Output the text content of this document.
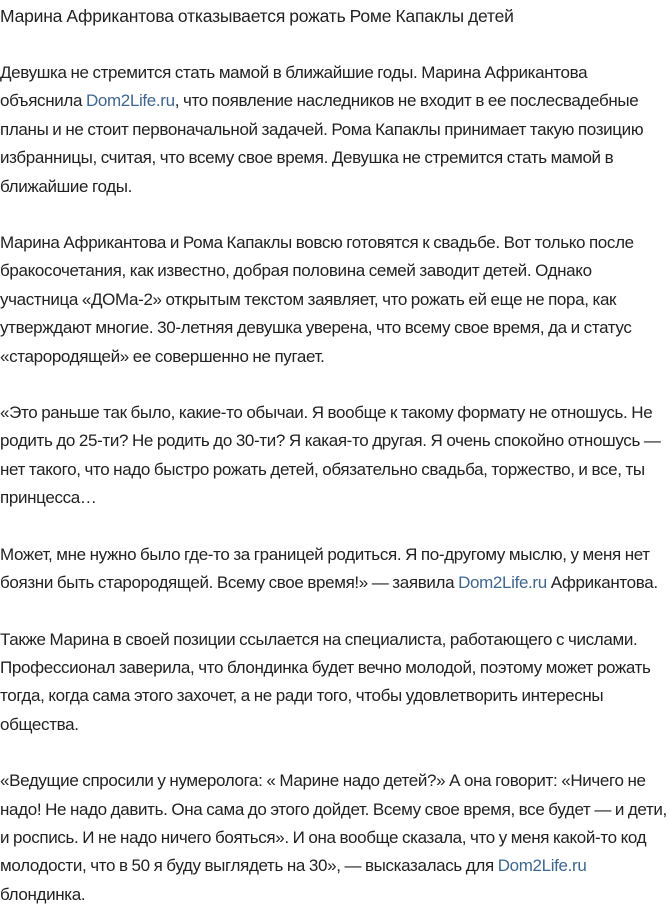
Марина Африкантова отказывается рожать Роме Капаклы детей

Девушка не стремится стать мамой в ближайшие годы. Марина Африкантова объяснила Dom2Life.ru, что появление наследников не входит в ее послесвадебные планы и не стоит первоначальной задачей. Рома Капаклы принимает такую позицию избранницы, считая, что всему свое время. Девушка не стремится стать мамой в ближайшие годы.

Марина Африкантова и Рома Капаклы вовсю готовятся к свадьбе. Вот только после бракосочетания, как известно, добрая половина семей заводит детей. Однако участница «ДОМа-2» открытым текстом заявляет, что рожать ей еще не пора, как утверждают многие. 30-летняя девушка уверена, что всему свое время, да и статус «старородящей» ее совершенно не пугает.

«Это раньше так было, какие-то обычаи. Я вообще к такому формату не отношусь. Не родить до 25-ти? Не родить до 30-ти? Я какая-то другая. Я очень спокойно отношусь — нет такого, что надо быстро рожать детей, обязательно свадьба, торжество, и все, ты принцесса…

Может, мне нужно было где-то за границей родиться. Я по-другому мыслю, у меня нет боязни быть старородящей. Всему свое время!» — заявила Dom2Life.ru Африкантова.

Также Марина в своей позиции ссылается на специалиста, работающего с числами. Профессионал заверила, что блондинка будет вечно молодой, поэтому может рожать тогда, когда сама этого захочет, а не ради того, чтобы удовлетворить интересны общества.

«Ведущие спросили у нумеролога: « Марине надо детей?» А она говорит: «Ничего не надо! Не надо давить. Она сама до этого дойдет. Всему свое время, все будет — и дети, и роспись. И не надо ничего бояться». И она вообще сказала, что у меня какой-то код молодости, что в 50 я буду выглядеть на 30», — высказалась для Dom2Life.ru блондинка.
